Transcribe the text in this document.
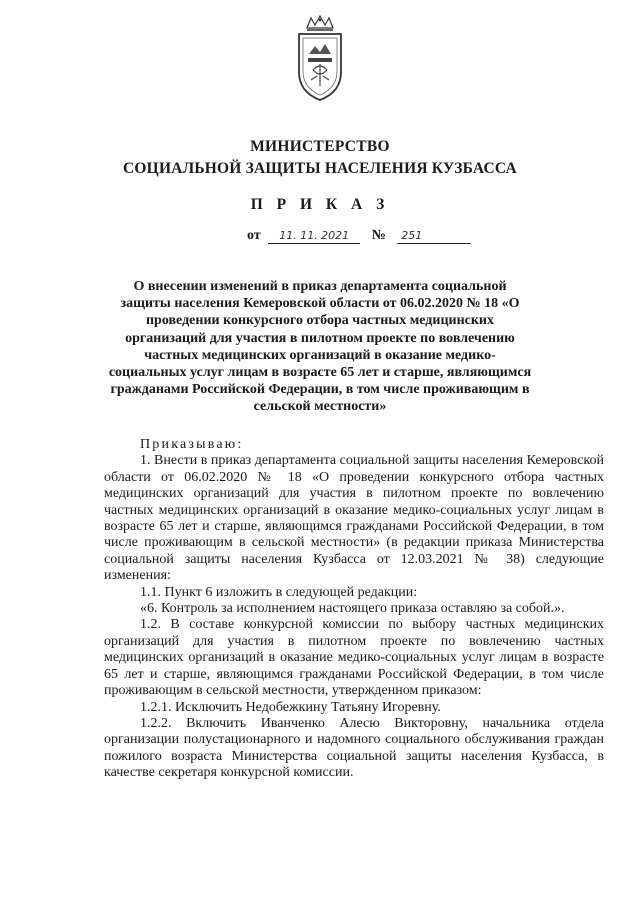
МИНИСТЕРСТВО
СОЦИАЛЬНОЙ ЗАЩИТЫ НАСЕЛЕНИЯ КУЗБАССА
П Р И К А З
от 11. 11. 2021 № 251
О внесении изменений в приказ департамента социальной защиты населения Кемеровской области от 06.02.2020 № 18 «О проведении конкурсного отбора частных медицинских организаций для участия в пилотном проекте по вовлечению частных медицинских организаций в оказание медико-социальных услуг лицам в возрасте 65 лет и старше, являющимся гражданами Российской Федерации, в том числе проживающим в сельской местности»

Приказываю:

1. Внести в приказ департамента социальной защиты населения Кемеровской области от 06.02.2020 № 18 «О проведении конкурсного отбора частных медицинских организаций для участия в пилотном проекте по вовлечению частных медицинских организаций в оказание медико-социальных услуг лицам в возрасте 65 лет и старше, являющимся гражданами Российской Федерации, в том числе проживающим в сельской местности» (в редакции приказа Министерства социальной защиты населения Кузбасса от 12.03.2021 № 38) следующие изменения:

1.1. Пункт 6 изложить в следующей редакции:

«6. Контроль за исполнением настоящего приказа оставляю за собой.».

1.2. В составе конкурсной комиссии по выбору частных медицинских организаций для участия в пилотном проекте по вовлечению частных медицинских организаций в оказание медико-социальных услуг лицам в возрасте 65 лет и старше, являющимся гражданами Российской Федерации, в том числе проживающим в сельской местности, утвержденном приказом:

1.2.1. Исключить Недобежкину Татьяну Игоревну.

1.2.2. Включить Иванченко Алесю Викторовну, начальника отдела организации полустационарного и надомного социального обслуживания граждан пожилого возраста Министерства социальной защиты населения Кузбасса, в качестве секретаря конкурсной комиссии.
